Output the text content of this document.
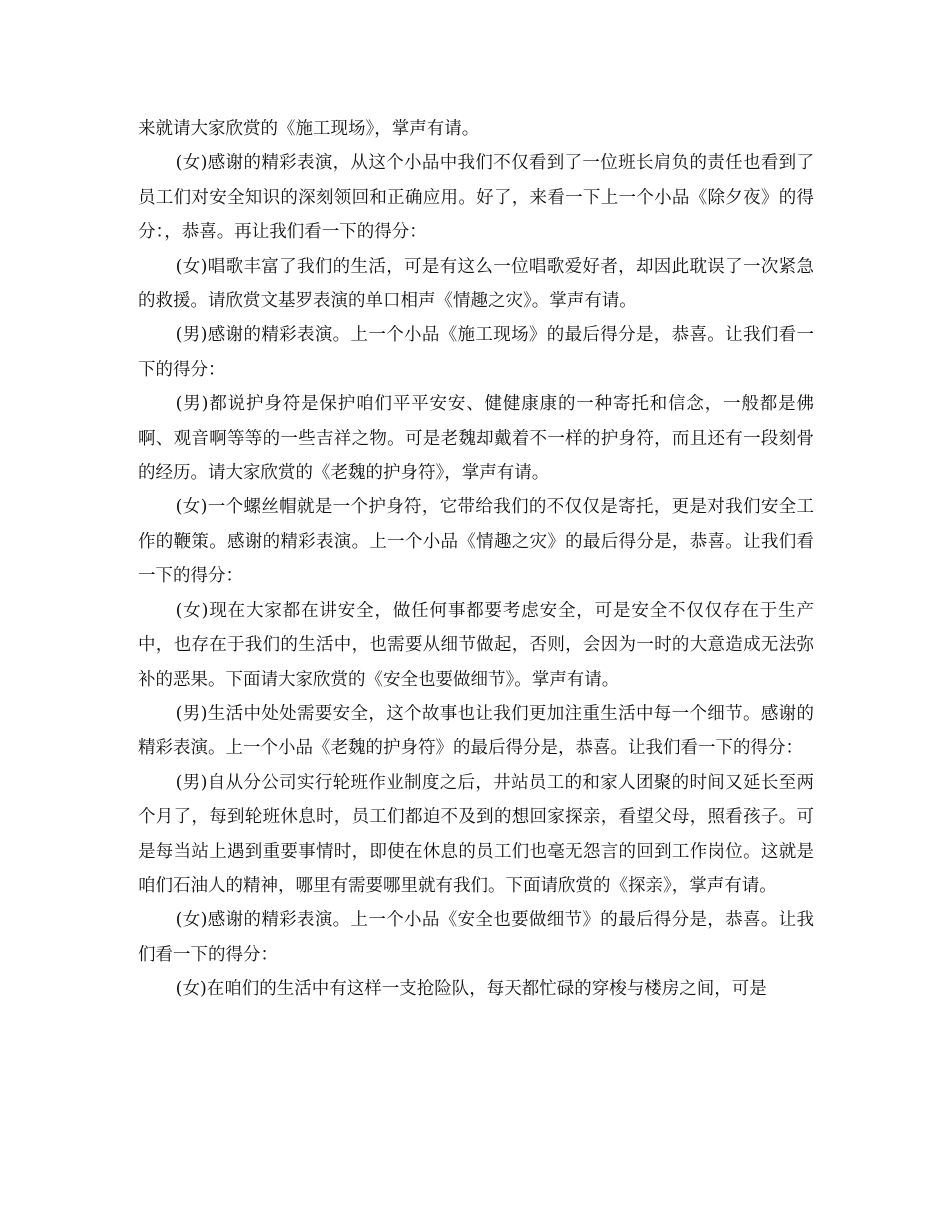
来就请大家欣赏的《施工现场》，掌声有请。

(女)感谢的精彩表演，从这个小品中我们不仅看到了一位班长肩负的责任也看到了员工们对安全知识的深刻领回和正确应用。好了，来看一下上一个小品《除夕夜》的得分：，恭喜。再让我们看一下的得分：

(女)唱歌丰富了我们的生活，可是有这么一位唱歌爱好者，却因此耽误了一次紧急的救援。请欣赏文基罗表演的单口相声《情趣之灾》。掌声有请。

(男)感谢的精彩表演。上一个小品《施工现场》的最后得分是，恭喜。让我们看一下的得分：

(男)都说护身符是保护咱们平平安安、健健康康的一种寄托和信念，一般都是佛啊、观音啊等等的一些吉祥之物。可是老魏却戴着不一样的护身符，而且还有一段刻骨的经历。请大家欣赏的《老魏的护身符》，掌声有请。

(女)一个螺丝帽就是一个护身符，它带给我们的不仅仅是寄托，更是对我们安全工作的鞭策。感谢的精彩表演。上一个小品《情趣之灾》的最后得分是，恭喜。让我们看一下的得分：

(女)现在大家都在讲安全，做任何事都要考虑安全，可是安全不仅仅存在于生产中，也存在于我们的生活中，也需要从细节做起，否则，会因为一时的大意造成无法弥补的恶果。下面请大家欣赏的《安全也要做细节》。掌声有请。

(男)生活中处处需要安全，这个故事也让我们更加注重生活中每一个细节。感谢的精彩表演。上一个小品《老魏的护身符》的最后得分是，恭喜。让我们看一下的得分：

(男)自从分公司实行轮班作业制度之后，井站员工的和家人团聚的时间又延长至两个月了，每到轮班休息时，员工们都迫不及到的想回家探亲，看望父母，照看孩子。可是每当站上遇到重要事情时，即使在休息的员工们也毫无怨言的回到工作岗位。这就是咱们石油人的精神，哪里有需要哪里就有我们。下面请欣赏的《探亲》，掌声有请。

(女)感谢的精彩表演。上一个小品《安全也要做细节》的最后得分是，恭喜。让我们看一下的得分：

(女)在咱们的生活中有这样一支抢险队，每天都忙碌的穿梭与楼房之间，可是
